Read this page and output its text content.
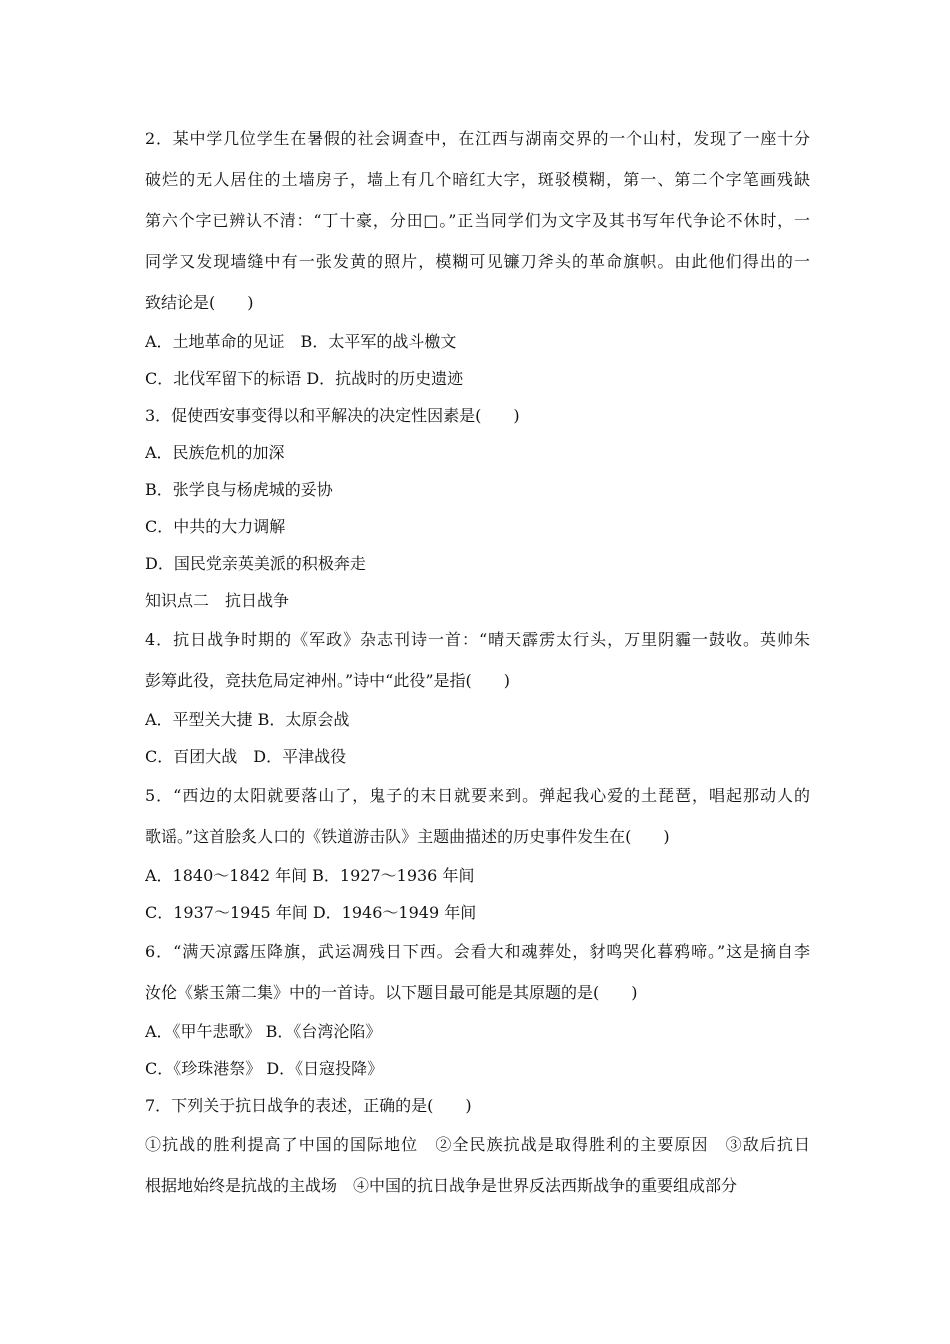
2．某中学几位学生在暑假的社会调查中，在江西与湖南交界的一个山村，发现了一座十分
破烂的无人居住的土墙房子，墙上有几个暗红大字，斑驳模糊，第一、第二个字笔画残缺
第六个字已辨认不清：“丁十豪，分田□。”正当同学们为文字及其书写年代争论不休时，一
同学又发现墙缝中有一张发黄的照片，模糊可见镰刀斧头的革命旗帜。由此他们得出的一
致结论是(　　)
A．土地革命的见证　B．太平军的战斗檄文
C．北伐军留下的标语 D．抗战时的历史遗迹
3．促使西安事变得以和平解决的决定性因素是(　　)
A．民族危机的加深
B．张学良与杨虎城的妥协
C．中共的大力调解
D．国民党亲英美派的积极奔走
知识点二　抗日战争
4．抗日战争时期的《军政》杂志刊诗一首：“晴天霹雳太行头，万里阴霾一鼓收。英帅朱
彭筹此役，竞扶危局定神州。”诗中“此役”是指(　　)
A．平型关大捷 B．太原会战
C．百团大战　D．平津战役
5．“西边的太阳就要落山了，鬼子的末日就要来到。弹起我心爱的土琵琶，唱起那动人的
歌谣。”这首脍炙人口的《铁道游击队》主题曲描述的历史事件发生在(　　)
A．1840～1842 年间 B．1927～1936 年间
C．1937～1945 年间 D．1946～1949 年间
6．“满天凉露压降旗，武运凋残日下西。会看大和魂葬处，豺鸣哭化暮鸦啼。”这是摘自李
汝伦《紫玉箫二集》中的一首诗。以下题目最可能是其原题的是(　　)
A．《甲午悲歌》 B．《台湾沦陷》
C．《珍珠港祭》 D．《日寇投降》
7．下列关于抗日战争的表述，正确的是(　　)
①抗战的胜利提高了中国的国际地位　②全民族抗战是取得胜利的主要原因　③敌后抗日
根据地始终是抗战的主战场　④中国的抗日战争是世界反法西斯战争的重要组成部分
